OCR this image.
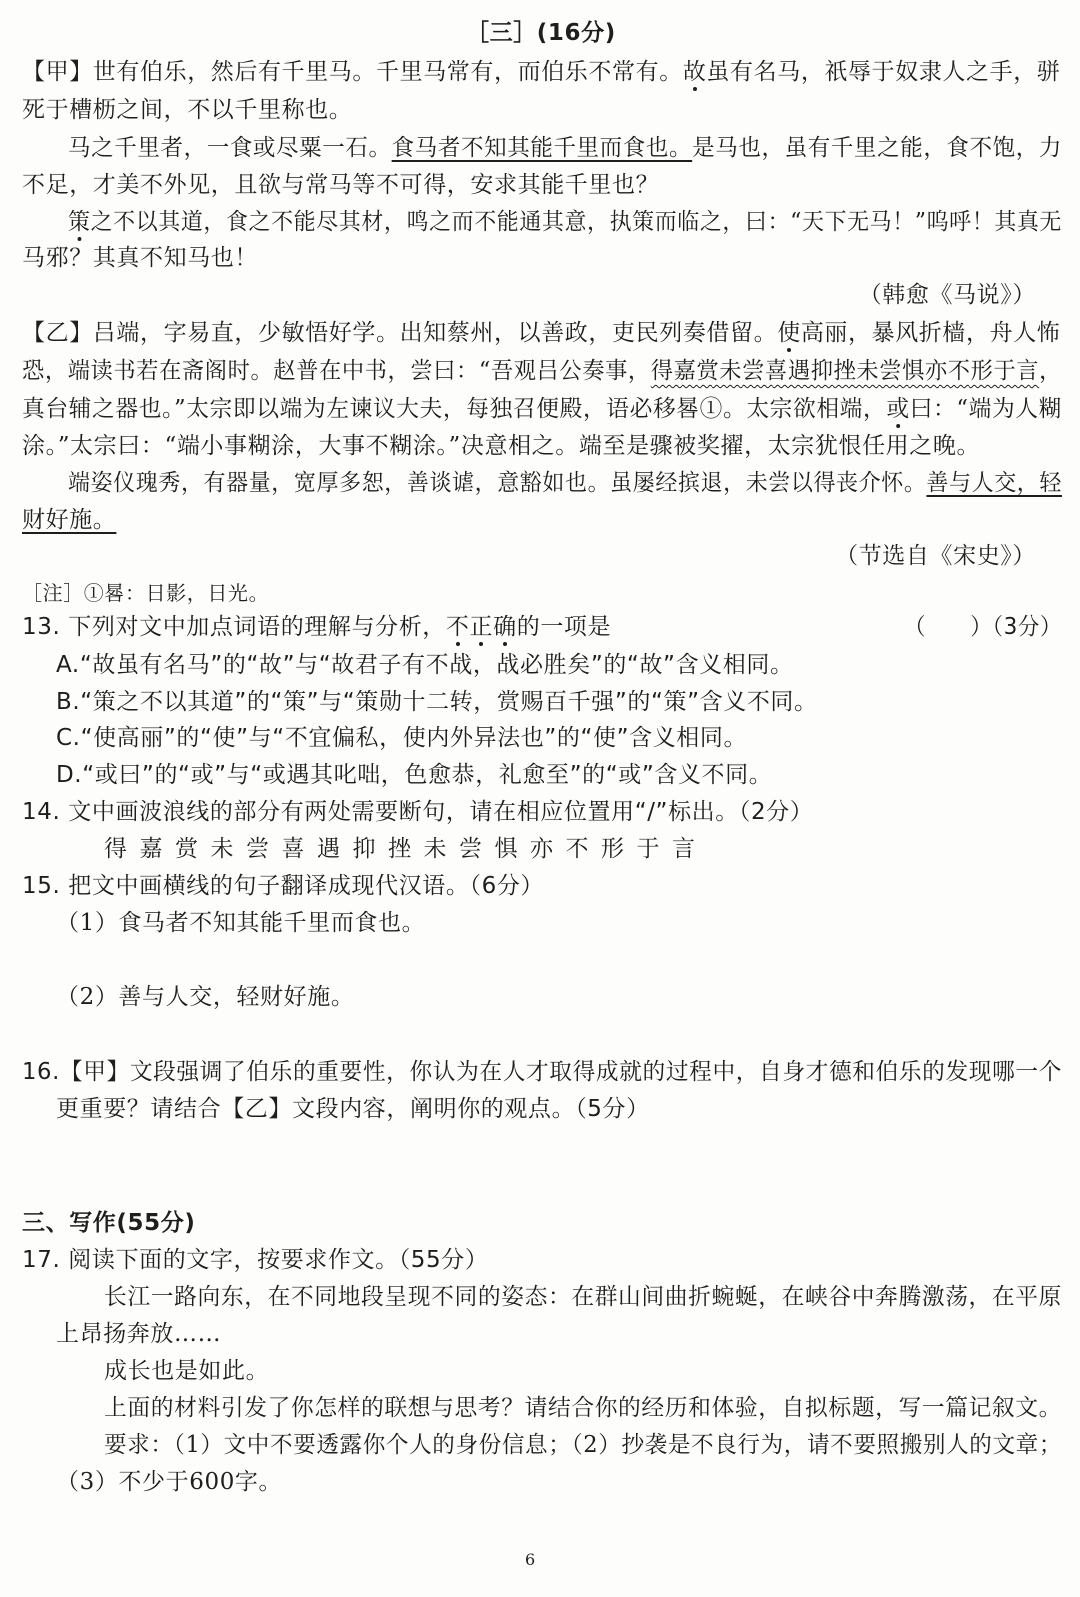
［三］(16分)
【甲】世有伯乐，然后有千里马。千里马常有，而伯乐不常有。故虽有名马，祇辱于奴隶人之手，骈
死于槽枥之间，不以千里称也。
马之千里者，一食或尽粟一石。食马者不知其能千里而食也。是马也，虽有千里之能，食不饱，力
不足，才美不外见，且欲与常马等不可得，安求其能千里也？
策之不以其道，食之不能尽其材，鸣之而不能通其意，执策而临之，曰：“天下无马！”呜呼！其真无
马邪？其真不知马也！
（韩愈《马说》）
【乙】吕端，字易直，少敏悟好学。出知蔡州，以善政，吏民列奏借留。使高丽，暴风折樯，舟人怖
恐，端读书若在斋阁时。赵普在中书，尝曰：“吾观吕公奏事，得嘉赏未尝喜遇抑挫未尝惧亦不形于言，
真台辅之器也。”太宗即以端为左谏议大夫，每独召便殿，语必移晷①。太宗欲相端，或曰：“端为人糊
涂。”太宗曰：“端小事糊涂，大事不糊涂。”决意相之。端至是骤被奖擢，太宗犹恨任用之晚。
端姿仪瑰秀，有器量，宽厚多恕，善谈谑，意豁如也。虽屡经摈退，未尝以得丧介怀。善与人交，轻
财好施。
（节选自《宋史》）
［注］①晷：日影，日光。
13. 下列对文中加点词语的理解与分析，不正确的一项是	（　　）（3分）
A.“故虽有名马”的“故”与“故君子有不战，战必胜矣”的“故”含义相同。
B.“策之不以其道”的“策”与“策勋十二转，赏赐百千强”的“策”含义不同。
C.“使高丽”的“使”与“不宜偏私，使内外异法也”的“使”含义相同。
D.“或曰”的“或”与“或遇其叱咄，色愈恭，礼愈至”的“或”含义不同。
14. 文中画波浪线的部分有两处需要断句，请在相应位置用“/”标出。（2分）
得嘉赏未尝喜遇抑挫未尝惧亦不形于言
15. 把文中画横线的句子翻译成现代汉语。（6分）
（1）食马者不知其能千里而食也。
（2）善与人交，轻财好施。
16.【甲】文段强调了伯乐的重要性，你认为在人才取得成就的过程中，自身才德和伯乐的发现哪一个
更重要？请结合【乙】文段内容，阐明你的观点。（5分）
三、写作(55分)
17. 阅读下面的文字，按要求作文。（55分）
长江一路向东，在不同地段呈现不同的姿态：在群山间曲折蜿蜒，在峡谷中奔腾激荡，在平原
上昂扬奔放……
成长也是如此。
上面的材料引发了你怎样的联想与思考？请结合你的经历和体验，自拟标题，写一篇记叙文。
要求：（1）文中不要透露你个人的身份信息；（2）抄袭是不良行为，请不要照搬别人的文章；
（3）不少于600字。
6
